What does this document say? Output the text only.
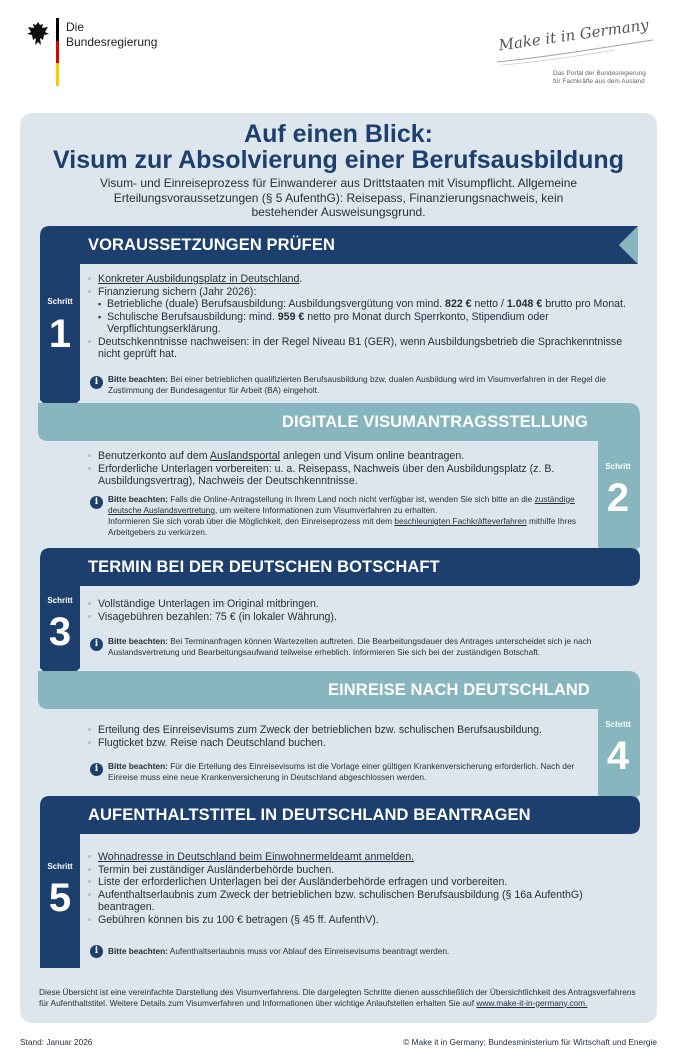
Die
Bundesregierung	Make it in Germany
Das Portal der Bundesregierung
für Fachkräfte aus dem Ausland
Auf einen Blick:
Visum zur Absolvierung einer Berufsausbildung
Visum- und Einreiseprozess für Einwanderer aus Drittstaaten mit Visumpflicht. Allgemeine Erteilungsvoraussetzungen (§ 5 AufenthG): Reisepass, Finanzierungsnachweis, kein bestehender Ausweisungsgrund.
VORAUSSETZUNGEN PRÜFEN
Schritt
1
◦ Konkreter Ausbildungsplatz in Deutschland.
◦ Finanzierung sichern (Jahr 2026):
▪ Betriebliche (duale) Berufsausbildung: Ausbildungsvergütung von mind. 822 € netto / 1.048 € brutto pro Monat.
▪ Schulische Berufsausbildung: mind. 959 € netto pro Monat durch Sperrkonto, Stipendium oder Verpflichtungserklärung.
◦ Deutschkenntnisse nachweisen: in der Regel Niveau B1 (GER), wenn Ausbildungsbetrieb die Sprachkenntnisse nicht geprüft hat.
i	Bitte beachten: Bei einer betrieblichen qualifizierten Berufsausbildung bzw. dualen Ausbildung wird im Visumverfahren in der Regel die Zustimmung der Bundesagentur für Arbeit (BA) eingeholt.
DIGITALE VISUMANTRAGSSTELLUNG
Schritt
2
◦ Benutzerkonto auf dem Auslandsportal anlegen und Visum online beantragen.
◦ Erforderliche Unterlagen vorbereiten: u. a. Reisepass, Nachweis über den Ausbildungsplatz (z. B. Ausbildungsvertrag), Nachweis der Deutschkenntnisse.
i	Bitte beachten: Falls die Online-Antragstellung in Ihrem Land noch nicht verfügbar ist, wenden Sie sich bitte an die zuständige deutsche Auslandsvertretung, um weitere Informationen zum Visumverfahren zu erhalten.
Informieren Sie sich vorab über die Möglichkeit, den Einreiseprozess mit dem beschleunigten Fachkräfteverfahren mithilfe Ihres Arbeitgebers zu verkürzen.
TERMIN BEI DER DEUTSCHEN BOTSCHAFT
Schritt
3
◦ Vollständige Unterlagen im Original mitbringen.
◦ Visagebühren bezahlen: 75 € (in lokaler Währung).
i	Bitte beachten: Bei Terminanfragen können Wartezeiten auftreten. Die Bearbeitungsdauer des Antrages unterscheidet sich je nach Auslandsvertretung und Bearbeitungsaufwand teilweise erheblich. Informieren Sie sich bei der zuständigen Botschaft.
EINREISE NACH DEUTSCHLAND
Schritt
4
◦ Erteilung des Einreisevisums zum Zweck der betrieblichen bzw. schulischen Berufsausbildung.
◦ Flugticket bzw. Reise nach Deutschland buchen.
i	Bitte beachten: Für die Erteilung des Einreisevisums ist die Vorlage einer gültigen Krankenversicherung erforderlich. Nach der Einreise muss eine neue Krankenversicherung in Deutschland abgeschlossen werden.
AUFENTHALTSTITEL IN DEUTSCHLAND BEANTRAGEN
Schritt
5
◦ Wohnadresse in Deutschland beim Einwohnermeldeamt anmelden.
◦ Termin bei zuständiger Ausländerbehörde buchen.
◦ Liste der erforderlichen Unterlagen bei der Ausländerbehörde erfragen und vorbereiten.
◦ Aufenthaltserlaubnis zum Zweck der betrieblichen bzw. schulischen Berufsausbildung (§ 16a AufenthG) beantragen.
◦ Gebühren können bis zu 100 € betragen (§ 45 ff. AufenthV).
i	Bitte beachten: Aufenthaltserlaubnis muss vor Ablauf des Einreisevisums beantragt werden.
Diese Übersicht ist eine vereinfachte Darstellung des Visumverfahrens. Die dargelegten Schritte dienen ausschließlich der Übersichtlichkeit des Antragsverfahrens für Aufenthaltstitel. Weitere Details zum Visumverfahren und Informationen über wichtige Anlaufstellen erhalten Sie auf www.make-it-in-germany.com.
Stand: Januar 2026	© Make it in Germany; Bundesministerium für Wirtschaft und Energie
